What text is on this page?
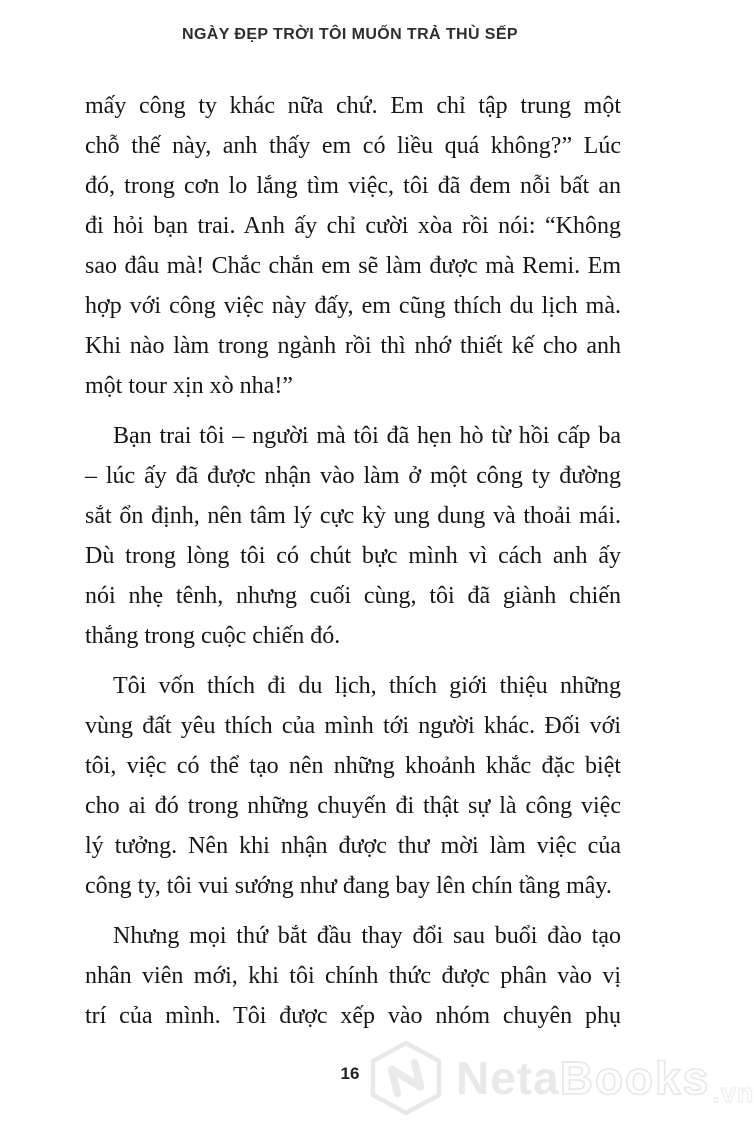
NGÀY ĐẸP TRỜI TÔI MUỐN TRẢ THÙ SẾP
mấy công ty khác nữa chứ. Em chỉ tập trung một
chỗ thế này, anh thấy em có liều quá không?” Lúc
đó, trong cơn lo lắng tìm việc, tôi đã đem nỗi bất an
đi hỏi bạn trai. Anh ấy chỉ cười xòa rồi nói: “Không
sao đâu mà! Chắc chắn em sẽ làm được mà Remi. Em
hợp với công việc này đấy, em cũng thích du lịch mà.
Khi nào làm trong ngành rồi thì nhớ thiết kế cho anh
một tour xịn xò nha!”
Bạn trai tôi – người mà tôi đã hẹn hò từ hồi cấp ba
– lúc ấy đã được nhận vào làm ở một công ty đường
sắt ổn định, nên tâm lý cực kỳ ung dung và thoải mái.
Dù trong lòng tôi có chút bực mình vì cách anh ấy
nói nhẹ tênh, nhưng cuối cùng, tôi đã giành chiến
thắng trong cuộc chiến đó.
Tôi vốn thích đi du lịch, thích giới thiệu những
vùng đất yêu thích của mình tới người khác. Đối với
tôi, việc có thể tạo nên những khoảnh khắc đặc biệt
cho ai đó trong những chuyến đi thật sự là công việc
lý tưởng. Nên khi nhận được thư mời làm việc của
công ty, tôi vui sướng như đang bay lên chín tầng mây.
Nhưng mọi thứ bắt đầu thay đổi sau buổi đào tạo
nhân viên mới, khi tôi chính thức được phân vào vị
trí của mình. Tôi được xếp vào nhóm chuyên phụ
16	Neta Books .vn
